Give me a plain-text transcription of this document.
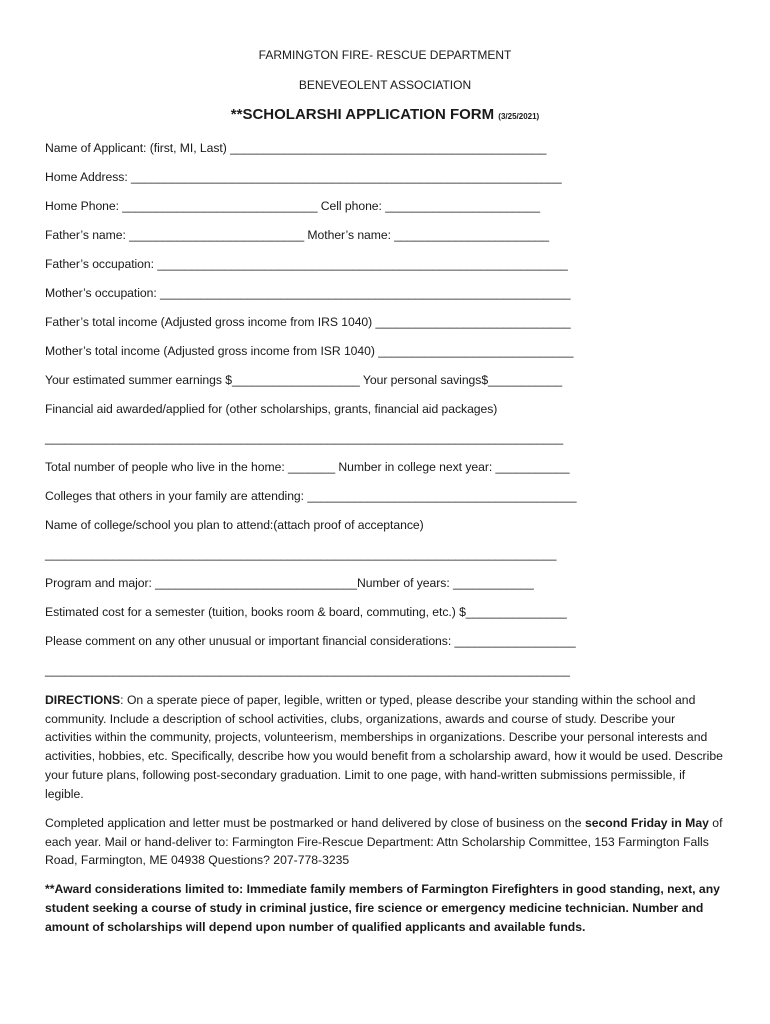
FARMINGTON FIRE- RESCUE DEPARTMENT
BENEVEOLENT ASSOCIATION
**SCHOLARSHI APPLICATION FORM (3/25/2021)
Name of Applicant: (first, MI, Last) _______________________________________________
Home Address: ________________________________________________________________
Home Phone: _____________________________ Cell phone: _______________________
Father’s name: __________________________ Mother’s name: _______________________
Father’s occupation: _____________________________________________________________
Mother’s occupation: _____________________________________________________________
Father’s total income (Adjusted gross income from IRS 1040) _____________________________
Mother’s total income (Adjusted gross income from ISR 1040) _____________________________
Your estimated summer earnings $___________________ Your personal savings$___________
Financial aid awarded/applied for (other scholarships, grants, financial aid packages)
_____________________________________________________________________________
Total number of people who live in the home: _______ Number in college next year: ___________
Colleges that others in your family are attending: ________________________________________
Name of college/school you plan to attend:(attach proof of acceptance)
____________________________________________________________________________
Program and major: ______________________________Number of years: ____________
Estimated cost for a semester (tuition, books room & board, commuting, etc.) $_______________
Please comment on any other unusual or important financial considerations: __________________
______________________________________________________________________________
DIRECTIONS: On a sperate piece of paper, legible, written or typed, please describe your standing within the school and community. Include a description of school activities, clubs, organizations, awards and course of study. Describe your activities within the community, projects, volunteerism, memberships in organizations. Describe your personal interests and activities, hobbies, etc. Specifically, describe how you would benefit from a scholarship award, how it would be used. Describe your future plans, following post-secondary graduation. Limit to one page, with hand-written submissions permissible, if legible.
Completed application and letter must be postmarked or hand delivered by close of business on the second Friday in May of each year. Mail or hand-deliver to: Farmington Fire-Rescue Department: Attn Scholarship Committee, 153 Farmington Falls Road, Farmington, ME 04938 Questions? 207-778-3235
**Award considerations limited to: Immediate family members of Farmington Firefighters in good standing, next, any student seeking a course of study in criminal justice, fire science or emergency medicine technician. Number and amount of scholarships will depend upon number of qualified applicants and available funds.
